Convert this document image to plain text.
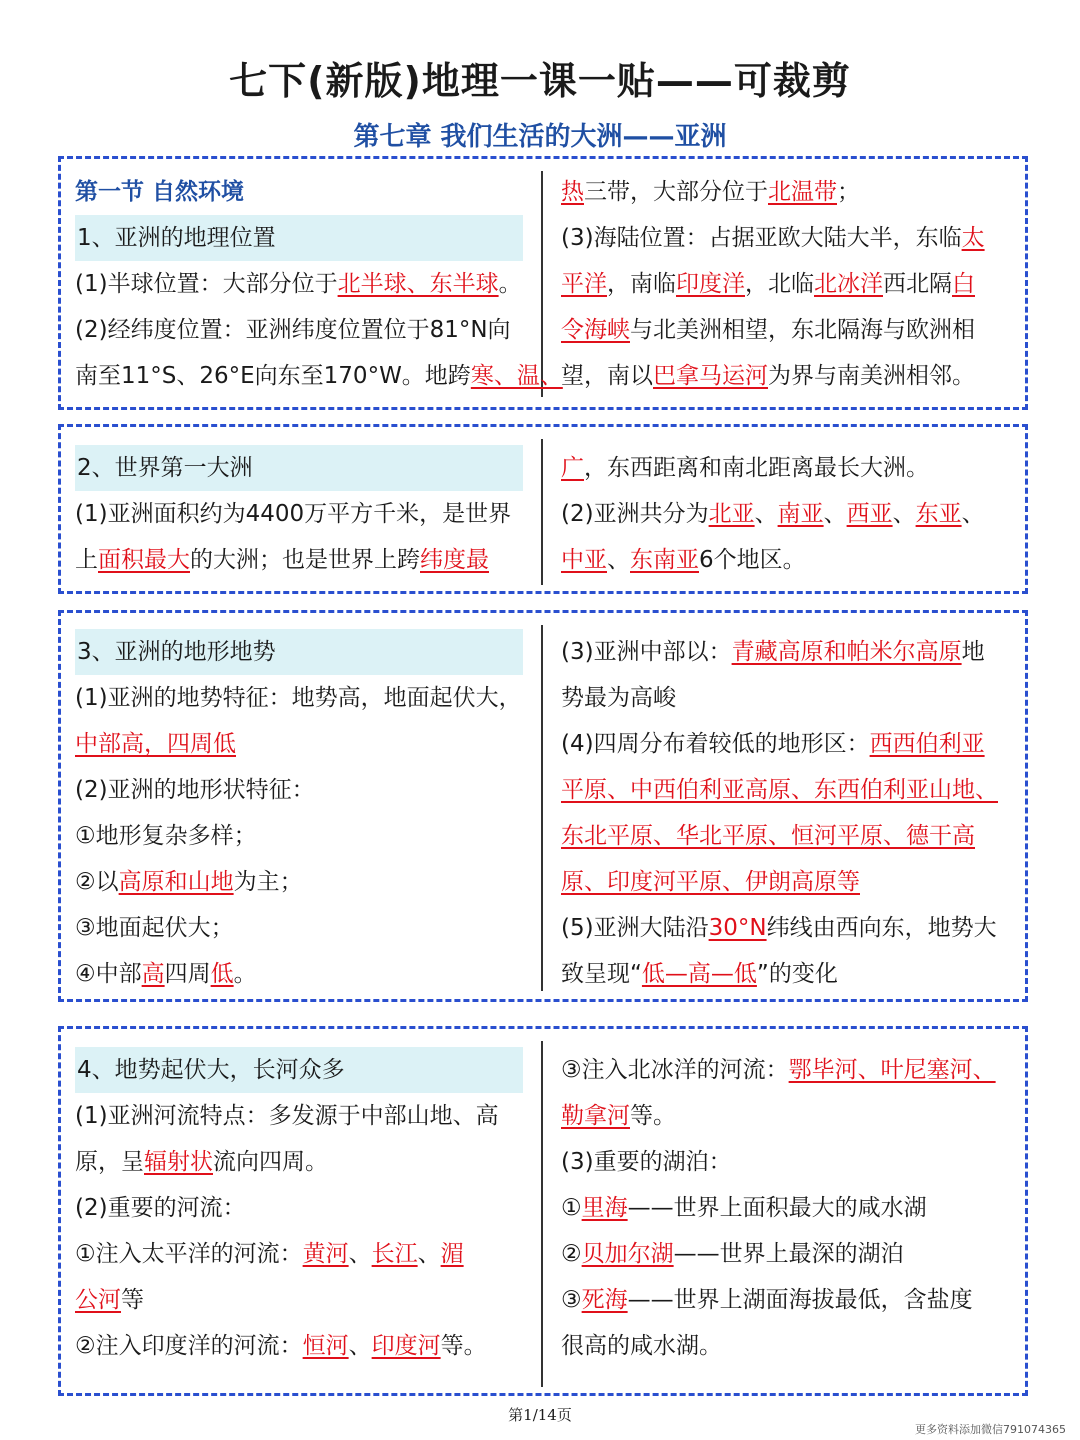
七下(新版)地理一课一贴——可裁剪
第七章 我们生活的大洲——亚洲
第一节 自然环境
1、亚洲的地理位置
(1)半球位置：大部分位于北半球、东半球。
(2)经纬度位置：亚洲纬度位置位于81°N向
南至11°S、26°E向东至170°W。地跨寒、温、
热三带，大部分位于北温带；
(3)海陆位置：占据亚欧大陆大半，东临太
平洋，南临印度洋，北临北冰洋西北隔白
令海峡与北美洲相望，东北隔海与欧洲相
望，南以巴拿马运河为界与南美洲相邻。
2、世界第一大洲
(1)亚洲面积约为4400万平方千米，是世界
上面积最大的大洲；也是世界上跨纬度最
广，东西距离和南北距离最长大洲。
(2)亚洲共分为北亚、南亚、西亚、东亚、
中亚、东南亚6个地区。
3、亚洲的地形地势
(1)亚洲的地势特征：地势高，地面起伏大，
中部高，四周低
(2)亚洲的地形状特征：
①地形复杂多样；
②以高原和山地为主；
③地面起伏大；
④中部高四周低。
(3)亚洲中部以：青藏高原和帕米尔高原地
势最为高峻
(4)四周分布着较低的地形区：西西伯利亚
平原、中西伯利亚高原、东西伯利亚山地、
东北平原、华北平原、恒河平原、德干高
原、印度河平原、伊朗高原等
(5)亚洲大陆沿30°N纬线由西向东，地势大
致呈现“低—高—低”的变化
4、地势起伏大，长河众多
(1)亚洲河流特点：多发源于中部山地、高
原，呈辐射状流向四周。
(2)重要的河流：
①注入太平洋的河流：黄河、长江、湄
公河等
②注入印度洋的河流：恒河、印度河等。
③注入北冰洋的河流：鄂毕河、叶尼塞河、
勒拿河等。
(3)重要的湖泊：
①里海——世界上面积最大的咸水湖
②贝加尔湖——世界上最深的湖泊
③死海——世界上湖面海拔最低，含盐度
很高的咸水湖。
第1/14页
更多资料添加微信791074365
